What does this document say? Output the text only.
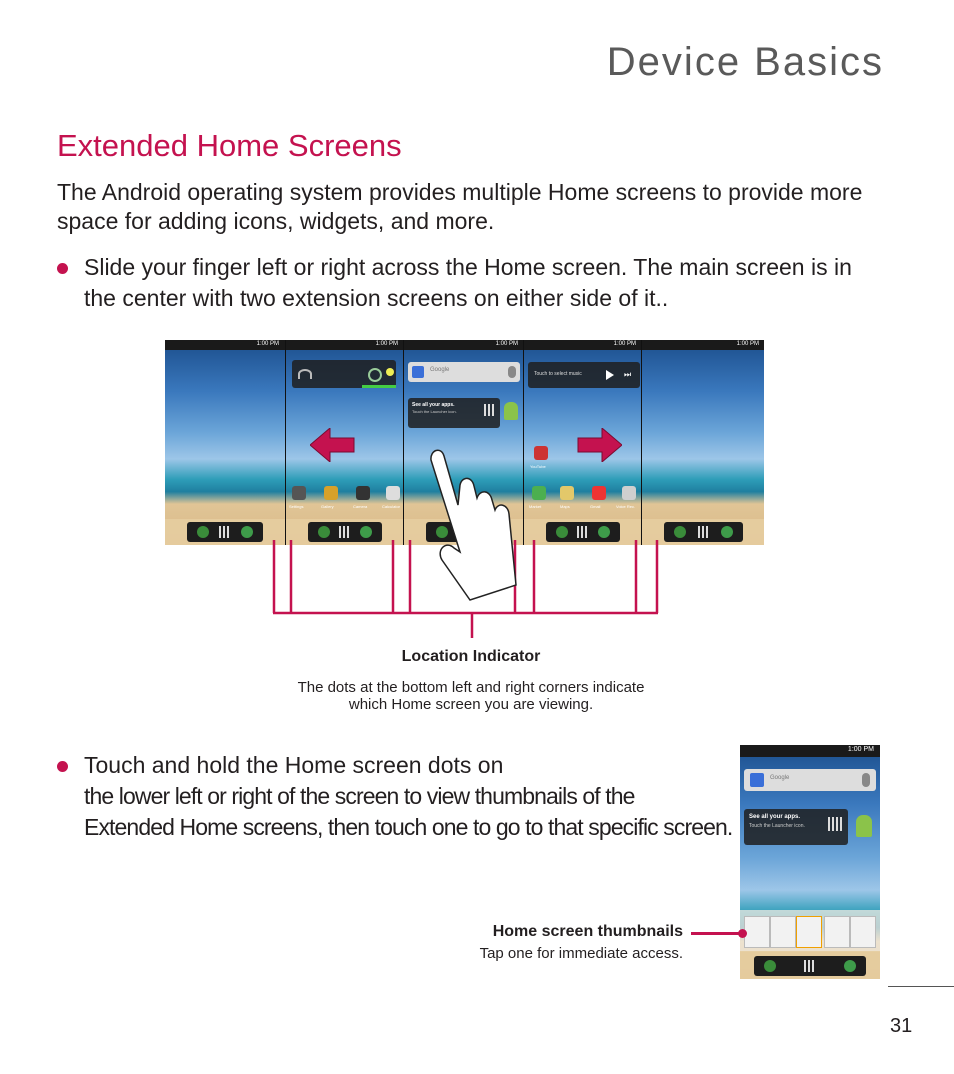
Device Basics
Extended Home Screens

The Android operating system provides multiple Home screens to provide more space for adding icons, widgets, and more.

Slide your finger left or right across the Home screen. The main screen is in the center with two extension screens on either side of it..
1:00 PM	1:00 PM
Settings	Gallery	Camera	Calculator
1:00 PM
Google
See all your apps.
Touch the Launcher icon.
1:00 PM
Touch to select music	⏭
YouTube
Market	Maps	Gmail	Voice Rec.
1:00 PM
Location Indicator
The dots at the bottom left and right corners indicate
which Home screen you are viewing.
Touch and hold the Home screen dots on
the lower left or right of the screen to view thumbnails of the
Extended Home screens, then touch one to go to that specific screen.
1:00 PM
Google
See all your apps.
Touch the Launcher icon.
Home screen thumbnails
Tap one for immediate access.
31
